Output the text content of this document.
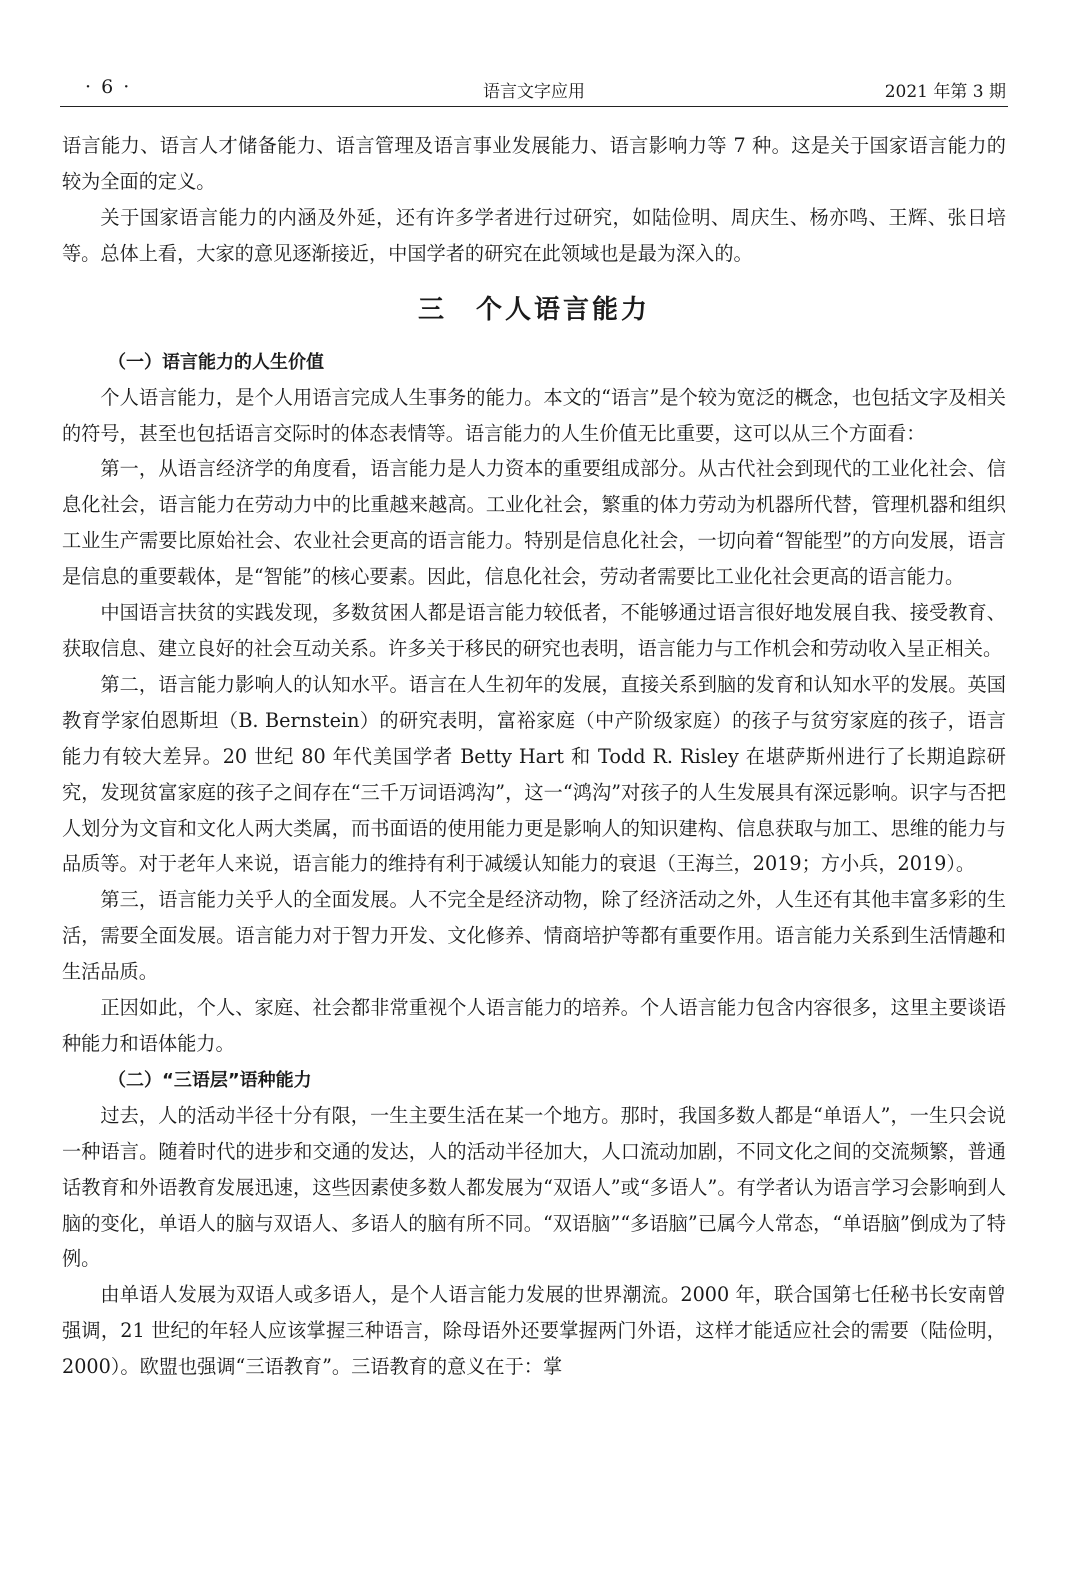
· 6 ·	语言文字应用	2021 年第 3 期

语言能力、语言人才储备能力、语言管理及语言事业发展能力、语言影响力等 7 种。这是关于国家语言能力的较为全面的定义。

关于国家语言能力的内涵及外延，还有许多学者进行过研究，如陆俭明、周庆生、杨亦鸣、王辉、张日培等。总体上看，大家的意见逐渐接近，中国学者的研究在此领域也是最为深入的。

三　个人语言能力
（一）语言能力的人生价值

个人语言能力，是个人用语言完成人生事务的能力。本文的“语言”是个较为宽泛的概念，也包括文字及相关的符号，甚至也包括语言交际时的体态表情等。语言能力的人生价值无比重要，这可以从三个方面看：

第一，从语言经济学的角度看，语言能力是人力资本的重要组成部分。从古代社会到现代的工业化社会、信息化社会，语言能力在劳动力中的比重越来越高。工业化社会，繁重的体力劳动为机器所代替，管理机器和组织工业生产需要比原始社会、农业社会更高的语言能力。特别是信息化社会，一切向着“智能型”的方向发展，语言是信息的重要载体，是“智能”的核心要素。因此，信息化社会，劳动者需要比工业化社会更高的语言能力。

中国语言扶贫的实践发现，多数贫困人都是语言能力较低者，不能够通过语言很好地发展自我、接受教育、获取信息、建立良好的社会互动关系。许多关于移民的研究也表明，语言能力与工作机会和劳动收入呈正相关。

第二，语言能力影响人的认知水平。语言在人生初年的发展，直接关系到脑的发育和认知水平的发展。英国教育学家伯恩斯坦（B. Bernstein）的研究表明，富裕家庭（中产阶级家庭）的孩子与贫穷家庭的孩子，语言能力有较大差异。20 世纪 80 年代美国学者 Betty Hart 和 Todd R. Risley 在堪萨斯州进行了长期追踪研究，发现贫富家庭的孩子之间存在“三千万词语鸿沟”，这一“鸿沟”对孩子的人生发展具有深远影响。识字与否把人划分为文盲和文化人两大类属，而书面语的使用能力更是影响人的知识建构、信息获取与加工、思维的能力与品质等。对于老年人来说，语言能力的维持有利于减缓认知能力的衰退（王海兰，2019；方小兵，2019）。

第三，语言能力关乎人的全面发展。人不完全是经济动物，除了经济活动之外，人生还有其他丰富多彩的生活，需要全面发展。语言能力对于智力开发、文化修养、情商培护等都有重要作用。语言能力关系到生活情趣和生活品质。

正因如此，个人、家庭、社会都非常重视个人语言能力的培养。个人语言能力包含内容很多，这里主要谈语种能力和语体能力。

（二）“三语层”语种能力

过去，人的活动半径十分有限，一生主要生活在某一个地方。那时，我国多数人都是“单语人”，一生只会说一种语言。随着时代的进步和交通的发达，人的活动半径加大，人口流动加剧，不同文化之间的交流频繁，普通话教育和外语教育发展迅速，这些因素使多数人都发展为“双语人”或“多语人”。有学者认为语言学习会影响到人脑的变化，单语人的脑与双语人、多语人的脑有所不同。“双语脑”“多语脑”已属今人常态，“单语脑”倒成为了特例。

由单语人发展为双语人或多语人，是个人语言能力发展的世界潮流。2000 年，联合国第七任秘书长安南曾强调，21 世纪的年轻人应该掌握三种语言，除母语外还要掌握两门外语，这样才能适应社会的需要（陆俭明，2000）。欧盟也强调“三语教育”。三语教育的意义在于：掌
